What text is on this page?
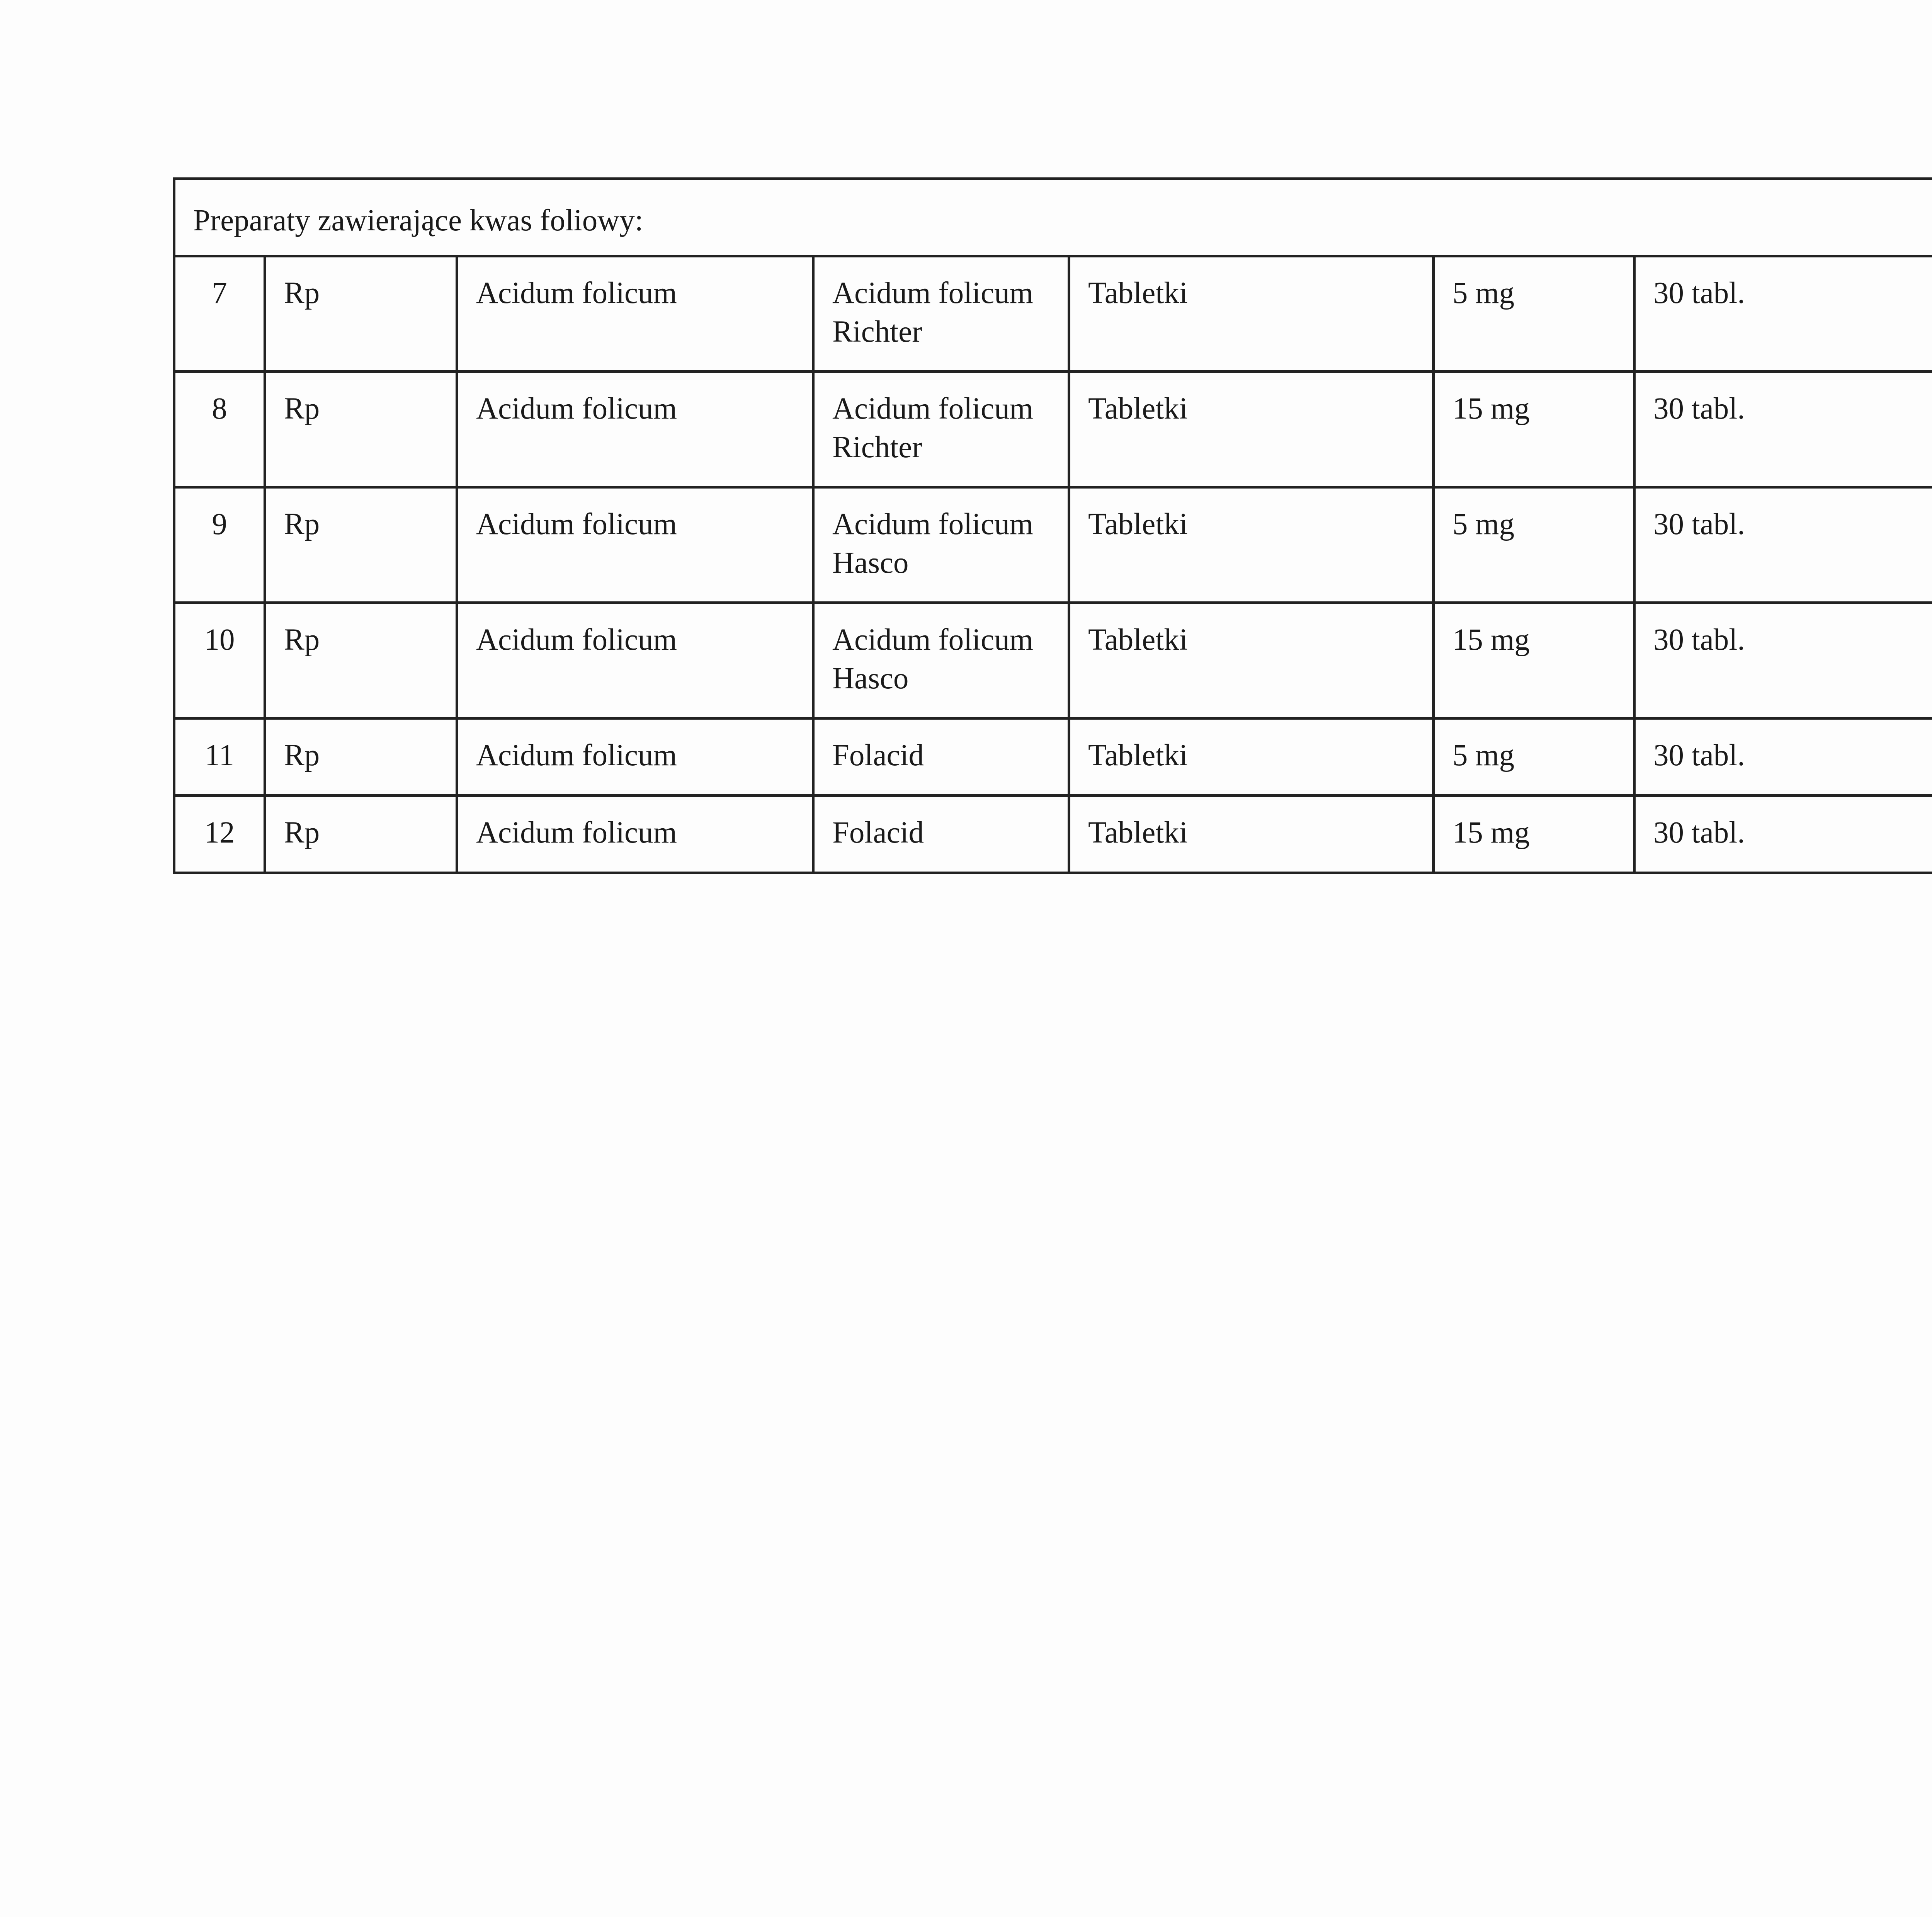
Preparaty zawierające kwas foliowy:							
7	Rp	Acidum folicum	Acidum folicum Richter	Tabletki	5 mg	30 tabl.	
8	Rp	Acidum folicum	Acidum folicum Richter	Tabletki	15 mg	30 tabl.	
9	Rp	Acidum folicum	Acidum folicum Hasco	Tabletki	5 mg	30 tabl.	
10	Rp	Acidum folicum	Acidum folicum Hasco	Tabletki	15 mg	30 tabl.	
11	Rp	Acidum folicum	Folacid	Tabletki	5 mg	30 tabl.	
12	Rp	Acidum folicum	Folacid	Tabletki	15 mg	30 tabl.	
